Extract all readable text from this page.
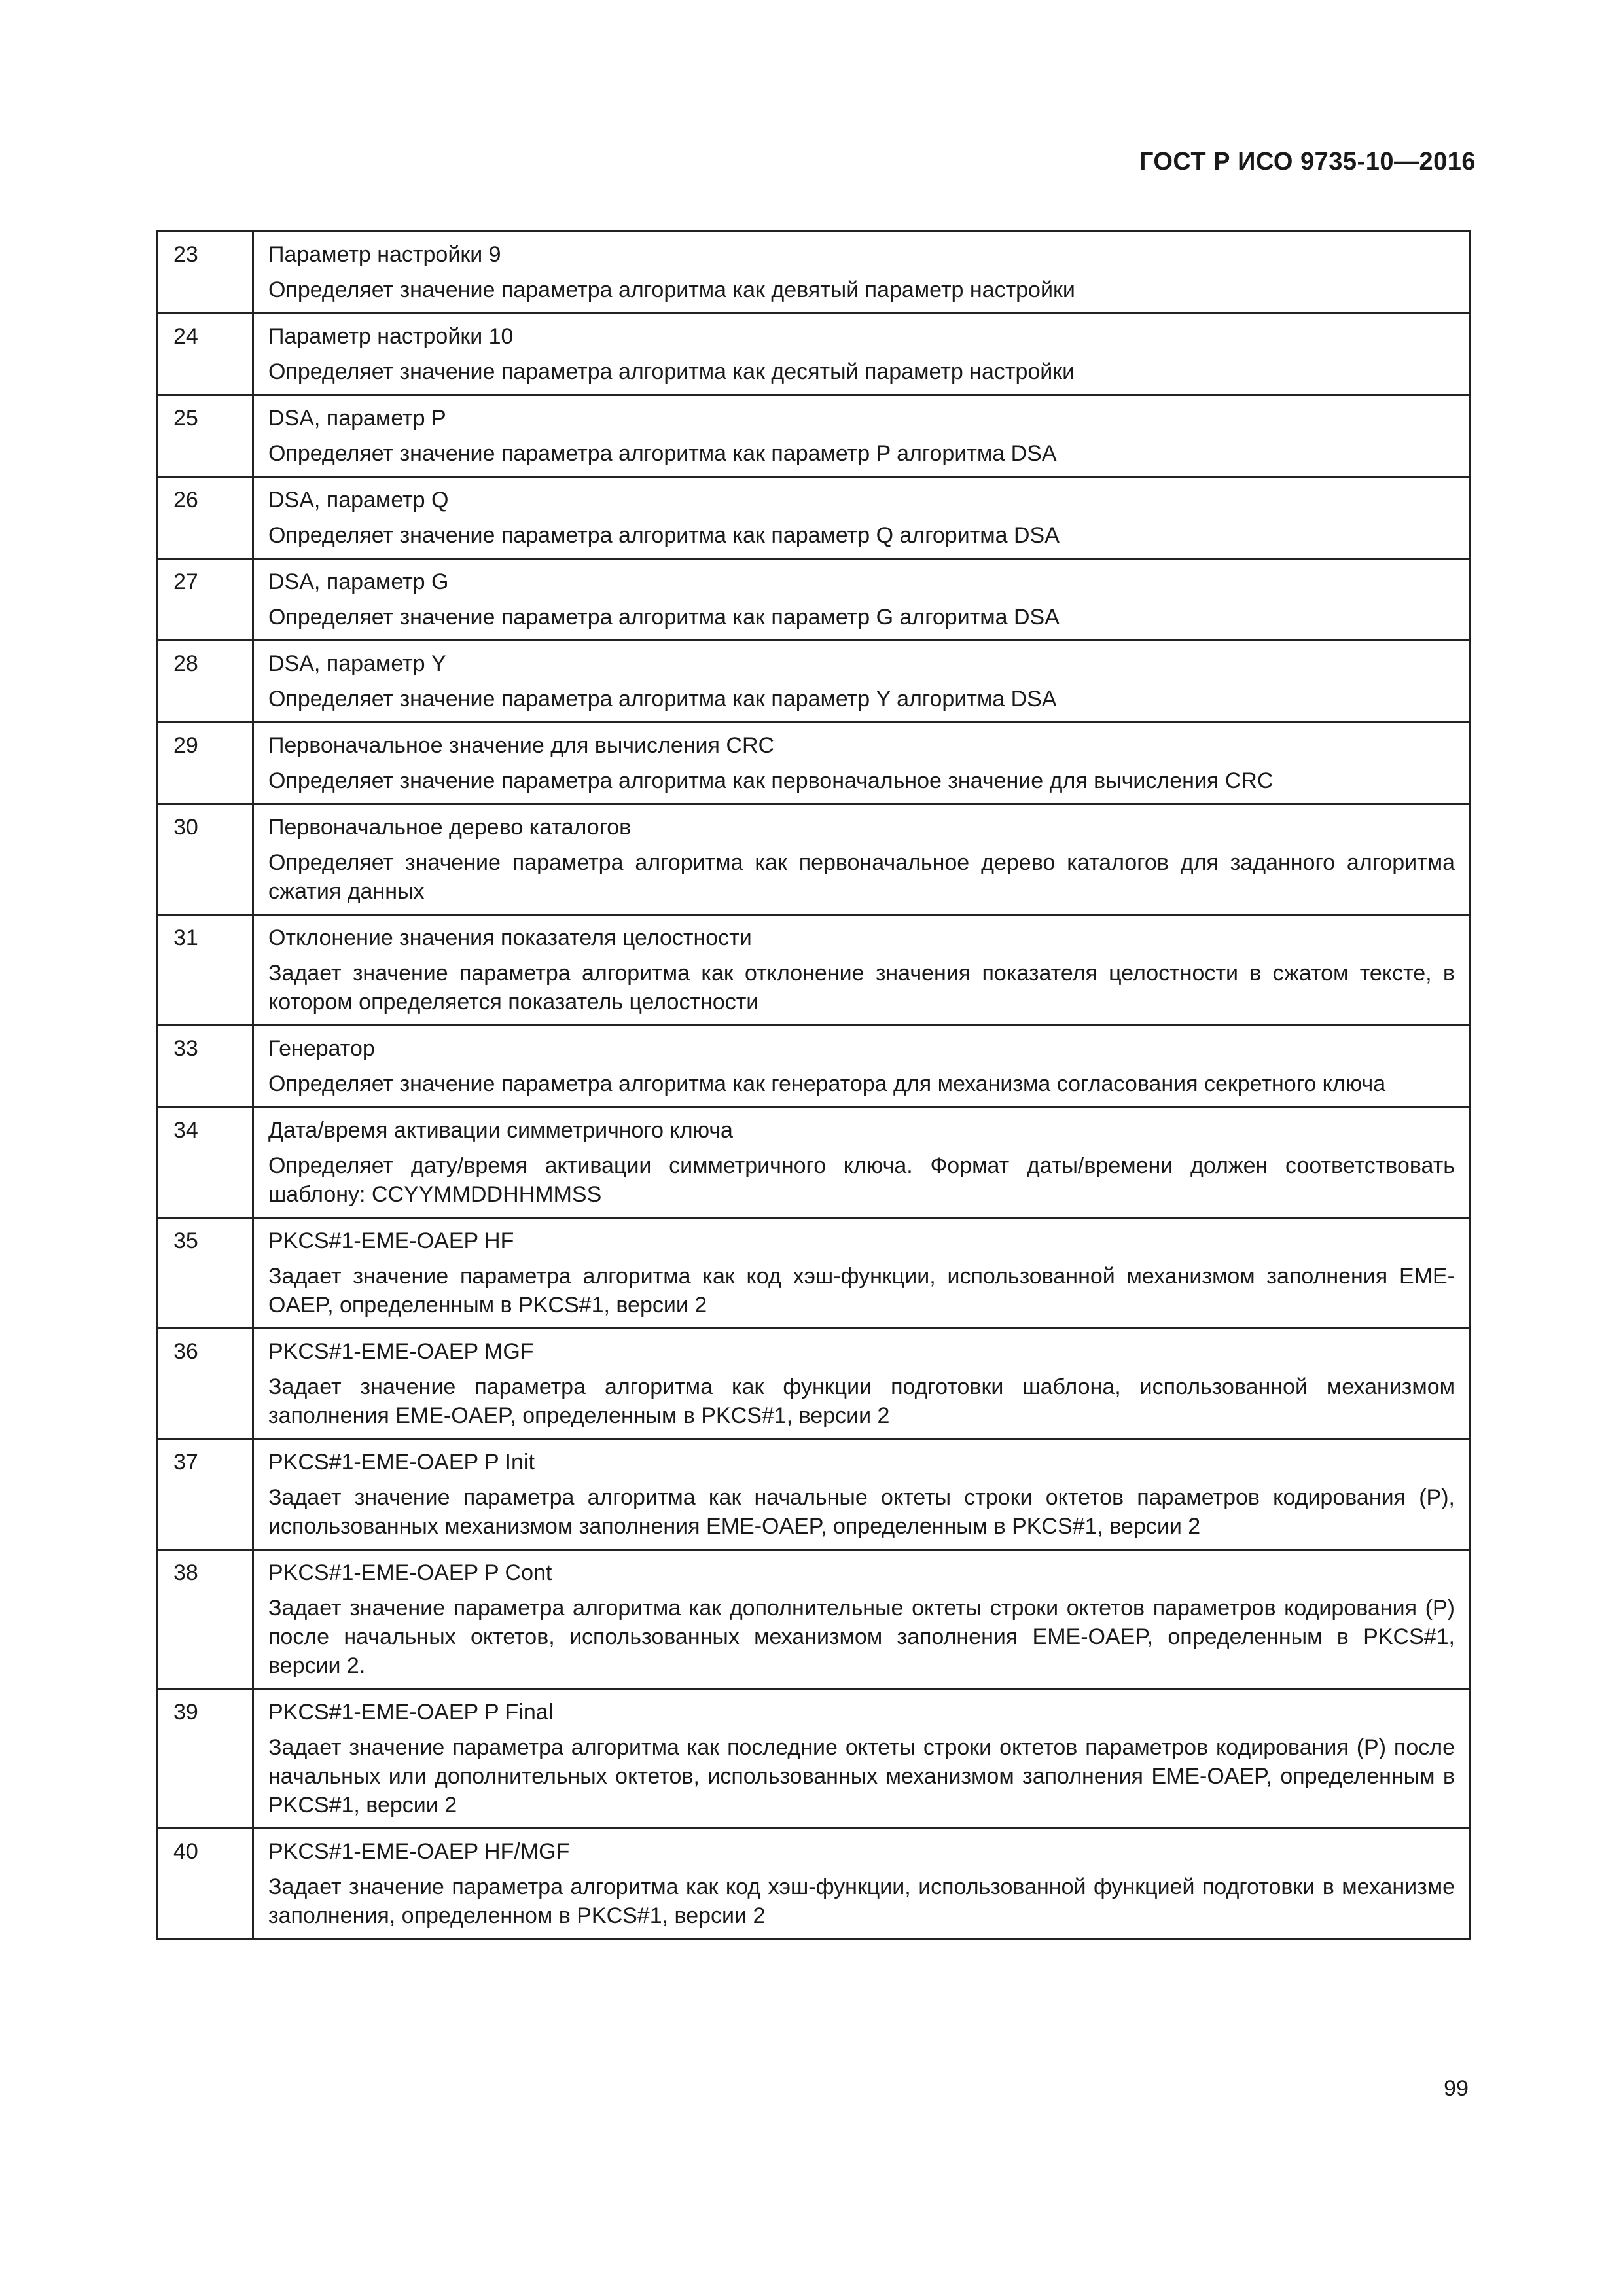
ГОСТ Р ИСО 9735-10—2016
23	Параметр настройки 9
Определяет значение параметра алгоритма как девятый параметр настройки

24	Параметр настройки 10
Определяет значение параметра алгоритма как десятый параметр настройки

25	DSA, параметр P
Определяет значение параметра алгоритма как параметр P алгоритма DSA

26	DSA, параметр Q
Определяет значение параметра алгоритма как параметр Q алгоритма DSA

27	DSA, параметр G
Определяет значение параметра алгоритма как параметр G алгоритма DSA

28	DSA, параметр Y
Определяет значение параметра алгоритма как параметр Y алгоритма DSA

29	Первоначальное значение для вычисления CRC
Определяет значение параметра алгоритма как первоначальное значение для вычисления CRC

30	Первоначальное дерево каталогов
Определяет значение параметра алгоритма как первоначальное дерево каталогов для заданного алгоритма сжатия данных

31	Отклонение значения показателя целостности
Задает значение параметра алгоритма как отклонение значения показателя целостности в сжатом тексте, в котором определяется показатель целостности

33	Генератор
Определяет значение параметра алгоритма как генератора для механизма согласования секретного ключа

34	Дата/время активации симметричного ключа
Определяет дату/время активации симметричного ключа. Формат даты/времени должен соответствовать шаблону: CCYYMMDDHHMMSS

35	PKCS#1-EME-OAEP HF
Задает значение параметра алгоритма как код хэш-функции, использованной механизмом заполнения EME-OAEP, определенным в PKCS#1, версии 2

36	PKCS#1-EME-OAEP MGF
Задает значение параметра алгоритма как функции подготовки шаблона, использованной механизмом заполнения EME-OAEP, определенным в PKCS#1, версии 2

37	PKCS#1-EME-OAEP P Init
Задает значение параметра алгоритма как начальные октеты строки октетов параметров кодирования (P), использованных механизмом заполнения EME-OAEP, определенным в PKCS#1, версии 2

38	PKCS#1-EME-OAEP P Cont
Задает значение параметра алгоритма как дополнительные октеты строки октетов параметров кодирования (P) после начальных октетов, использованных механизмом заполнения EME-OAEP, определенным в PKCS#1, версии 2.

39	PKCS#1-EME-OAEP P Final
Задает значение параметра алгоритма как последние октеты строки октетов параметров кодирования (P) после начальных или дополнительных октетов, использованных механизмом заполнения EME-OAEP, определенным в PKCS#1, версии 2

40	PKCS#1-EME-OAEP HF/MGF
Задает значение параметра алгоритма как код хэш-функции, использованной функцией подготовки в механизме заполнения, определенном в PKCS#1, версии 2
99
